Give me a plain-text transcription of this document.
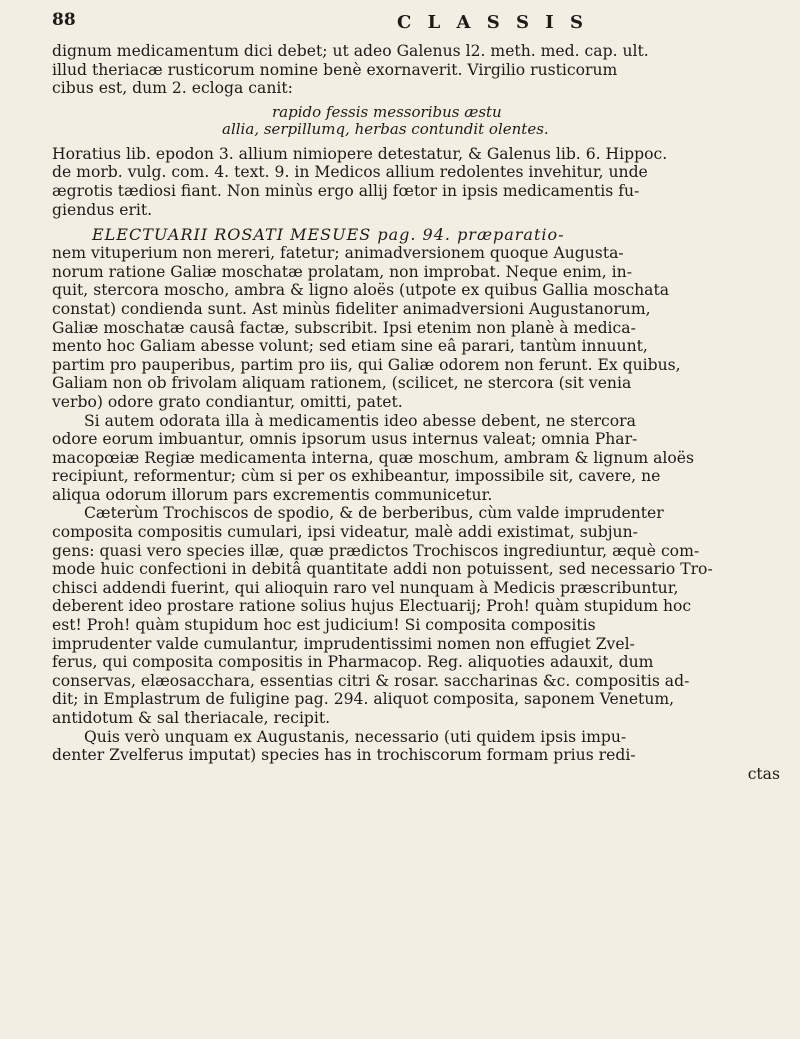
88	C L A S S I S
dignum medicamentum dici debet; ut adeo Galenus l2. meth. med. cap. ult.
illud theriacæ rusticorum nomine benè exornaverit. Virgilio rusticorum
cibus est, dum 2. ecloga canit:
rapido fessis messoribus æstu
allia, serpillumq, herbas contundit olentes.
Horatius lib. epodon 3. allium nimiopere detestatur, & Galenus lib. 6. Hippoc.
de morb. vulg. com. 4. text. 9. in Medicos allium redolentes invehitur, unde
ægrotis tædiosi fiant. Non minùs ergo allij fœtor in ipsis medicamentis fu-
giendus erit.
ELECTUARII ROSATI MESUES pag. 94. præparatio-
nem vituperium non mereri, fatetur; animadversionem quoque Augusta-
norum ratione Galiæ moschatæ prolatam, non improbat. Neque enim, in-
quit, stercora moscho, ambra & ligno aloës (utpote ex quibus Gallia moschata
constat) condienda sunt. Ast minùs fideliter animadversioni Augustanorum,
Galiæ moschatæ causâ factæ, subscribit. Ipsi etenim non planè à medica-
mento hoc Galiam abesse volunt; sed etiam sine eâ parari, tantùm innuunt,
partim pro pauperibus, partim pro iis, qui Galiæ odorem non ferunt. Ex quibus,
Galiam non ob frivolam aliquam rationem, (scilicet, ne stercora (sit venia
verbo) odore grato condiantur, omitti, patet.
Si autem odorata illa à medicamentis ideo abesse debent, ne stercora
odore eorum imbuantur, omnis ipsorum usus internus valeat; omnia Phar-
macopœiæ Regiæ medicamenta interna, quæ moschum, ambram & lignum aloës
recipiunt, reformentur; cùm si per os exhibeantur, impossibile sit, cavere, ne
aliqua odorum illorum pars excrementis communicetur.
Cæterùm Trochiscos de spodio, & de berberibus, cùm valde imprudenter
composita compositis cumulari, ipsi videatur, malè addi existimat, subjun-
gens: quasi vero species illæ, quæ prædictos Trochiscos ingrediuntur, æquè com-
mode huic confectioni in debitâ quantitate addi non potuissent, sed necessario Tro-
chisci addendi fuerint, qui alioquin raro vel nunquam à Medicis præscribuntur,
deberent ideo prostare ratione solius hujus Electuarij; Proh! quàm stupidum hoc
est! Proh! quàm stupidum hoc est judicium! Si composita compositis
imprudenter valde cumulantur, imprudentissimi nomen non effugiet Zvel-
ferus, qui composita compositis in Pharmacop. Reg. aliquoties adauxit, dum
conservas, elæosacchara, essentias citri & rosar. saccharinas &c. compositis ad-
dit; in Emplastrum de fuligine pag. 294. aliquot composita, saponem Venetum,
antidotum & sal theriacale, recipit.
Quis verò unquam ex Augustanis, necessario (uti quidem ipsis impu-
denter Zvelferus imputat) species has in trochiscorum formam prius redi-
ctas
